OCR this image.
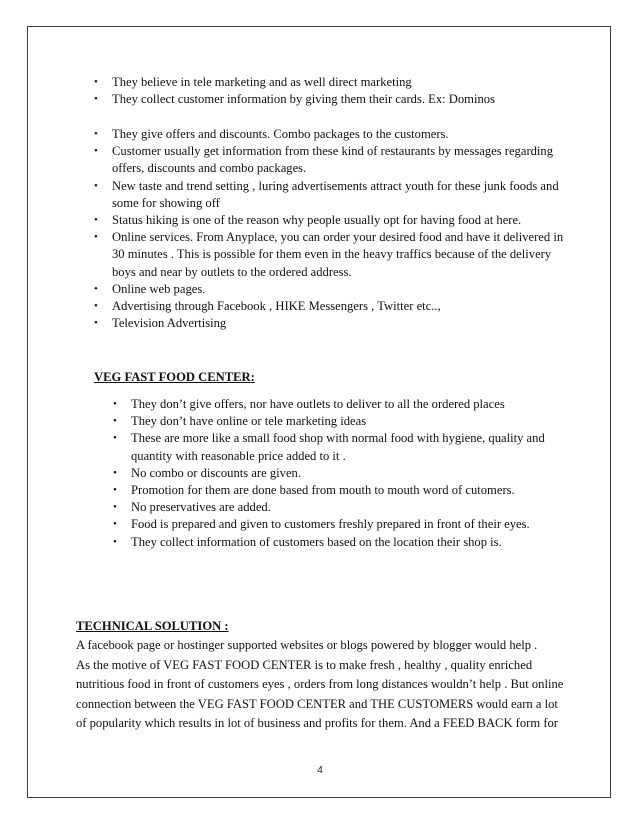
• They believe in tele marketing and as well direct marketing
• They collect customer information by giving them their cards. Ex: Dominos
• They give offers and discounts. Combo packages to the customers.
• Customer usually get information from these kind of restaurants by messages regarding
offers, discounts and combo packages.
• New taste and trend setting , luring advertisements attract youth for these junk foods and
some for showing off
• Status hiking is one of the reason why people usually opt for having food at here.
• Online services. From Anyplace, you can order your desired food and have it delivered in
30 minutes . This is possible for them even in the heavy traffics because of the delivery
boys and near by outlets to the ordered address.
• Online web pages.
• Advertising through Facebook , HIKE Messengers , Twitter etc..,
• Television Advertising
VEG FAST FOOD CENTER:
• They don’t give offers, nor have outlets to deliver to all the ordered places
• They don’t have online or tele marketing ideas
• These are more like a small food shop with normal food with hygiene, quality and
quantity with reasonable price added to it .
• No combo or discounts are given.
• Promotion for them are done based from mouth to mouth word of cutomers.
• No preservatives are added.
• Food is prepared and given to customers freshly prepared in front of their eyes.
• They collect information of customers based on the location their shop is.
TECHNICAL SOLUTION :
A facebook page or hostinger supported websites or blogs powered by blogger would help .
As the motive of VEG FAST FOOD CENTER is to make fresh , healthy , quality enriched
nutritious food in front of customers eyes , orders from long distances wouldn’t help . But online
connection between the VEG FAST FOOD CENTER and THE CUSTOMERS would earn a lot
of popularity which results in lot of business and profits for them. And a FEED BACK form for
4
